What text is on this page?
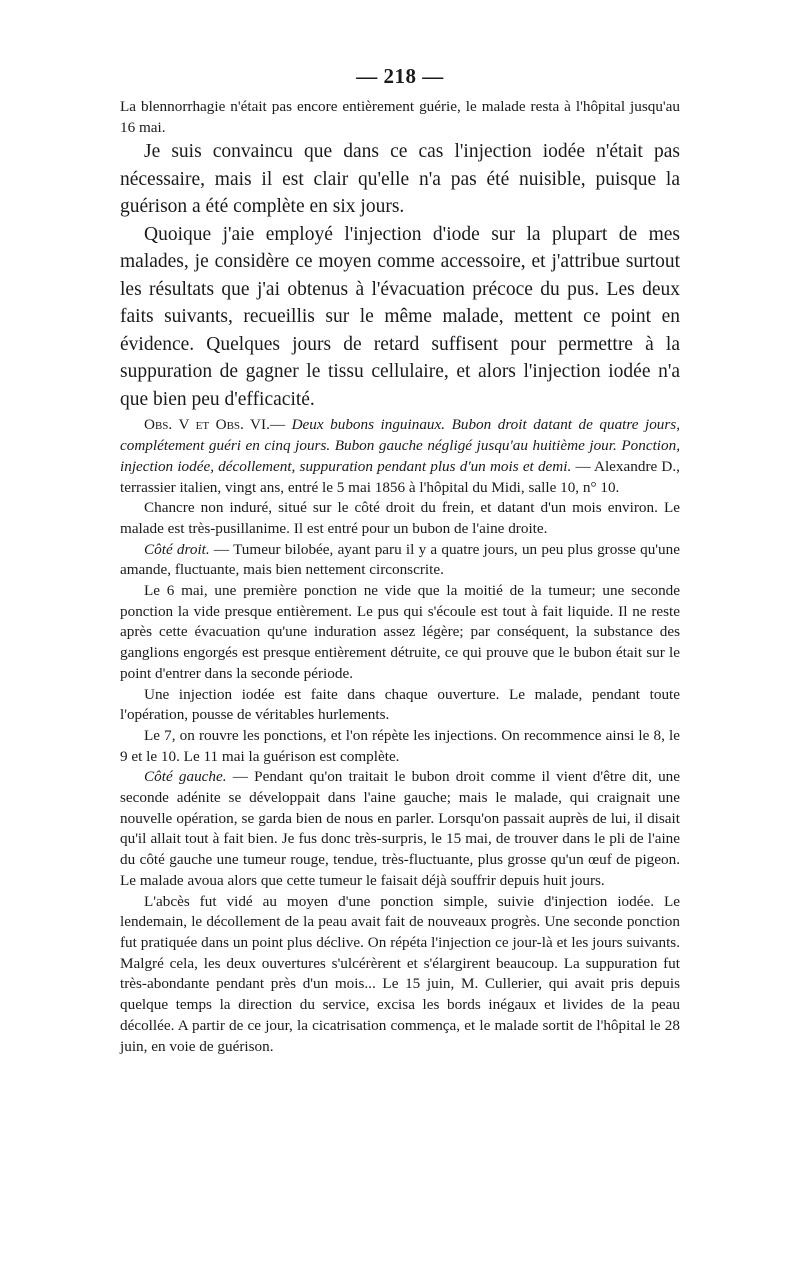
— 218 —

La blennorrhagie n'était pas encore entièrement guérie, le malade resta à l'hôpital jusqu'au 16 mai.

Je suis convaincu que dans ce cas l'injection iodée n'était pas nécessaire, mais il est clair qu'elle n'a pas été nuisible, puisque la guérison a été complète en six jours.

Quoique j'aie employé l'injection d'iode sur la plupart de mes malades, je considère ce moyen comme accessoire, et j'attribue surtout les résultats que j'ai obtenus à l'évacuation précoce du pus. Les deux faits suivants, recueillis sur le même malade, mettent ce point en évidence. Quelques jours de retard suffisent pour permettre à la suppuration de gagner le tissu cellulaire, et alors l'injection iodée n'a que bien peu d'efficacité.

Obs. V et Obs. VI.— Deux bubons inguinaux. Bubon droit datant de quatre jours, complétement guéri en cinq jours. Bubon gauche négligé jusqu'au huitième jour. Ponction, injection iodée, décollement, suppuration pendant plus d'un mois et demi. — Alexandre D., terrassier italien, vingt ans, entré le 5 mai 1856 à l'hôpital du Midi, salle 10, n° 10.

Chancre non induré, situé sur le côté droit du frein, et datant d'un mois environ. Le malade est très-pusillanime. Il est entré pour un bubon de l'aine droite.

Côté droit. — Tumeur bilobée, ayant paru il y a quatre jours, un peu plus grosse qu'une amande, fluctuante, mais bien nettement circonscrite.

Le 6 mai, une première ponction ne vide que la moitié de la tumeur; une seconde ponction la vide presque entièrement. Le pus qui s'écoule est tout à fait liquide. Il ne reste après cette évacuation qu'une induration assez légère; par conséquent, la substance des ganglions engorgés est presque entièrement détruite, ce qui prouve que le bubon était sur le point d'entrer dans la seconde période.

Une injection iodée est faite dans chaque ouverture. Le malade, pendant toute l'opération, pousse de véritables hurlements.

Le 7, on rouvre les ponctions, et l'on répète les injections. On recommence ainsi le 8, le 9 et le 10. Le 11 mai la guérison est complète.

Côté gauche. — Pendant qu'on traitait le bubon droit comme il vient d'être dit, une seconde adénite se développait dans l'aine gauche; mais le malade, qui craignait une nouvelle opération, se garda bien de nous en parler. Lorsqu'on passait auprès de lui, il disait qu'il allait tout à fait bien. Je fus donc très-surpris, le 15 mai, de trouver dans le pli de l'aine du côté gauche une tumeur rouge, tendue, très-fluctuante, plus grosse qu'un œuf de pigeon. Le malade avoua alors que cette tumeur le faisait déjà souffrir depuis huit jours.

L'abcès fut vidé au moyen d'une ponction simple, suivie d'injection iodée. Le lendemain, le décollement de la peau avait fait de nouveaux progrès. Une seconde ponction fut pratiquée dans un point plus déclive. On répéta l'injection ce jour-là et les jours suivants. Malgré cela, les deux ouvertures s'ulcérèrent et s'élargirent beaucoup. La suppuration fut très-abondante pendant près d'un mois... Le 15 juin, M. Cullerier, qui avait pris depuis quelque temps la direction du service, excisa les bords inégaux et livides de la peau décollée. A partir de ce jour, la cicatrisation commença, et le malade sortit de l'hôpital le 28 juin, en voie de guérison.
